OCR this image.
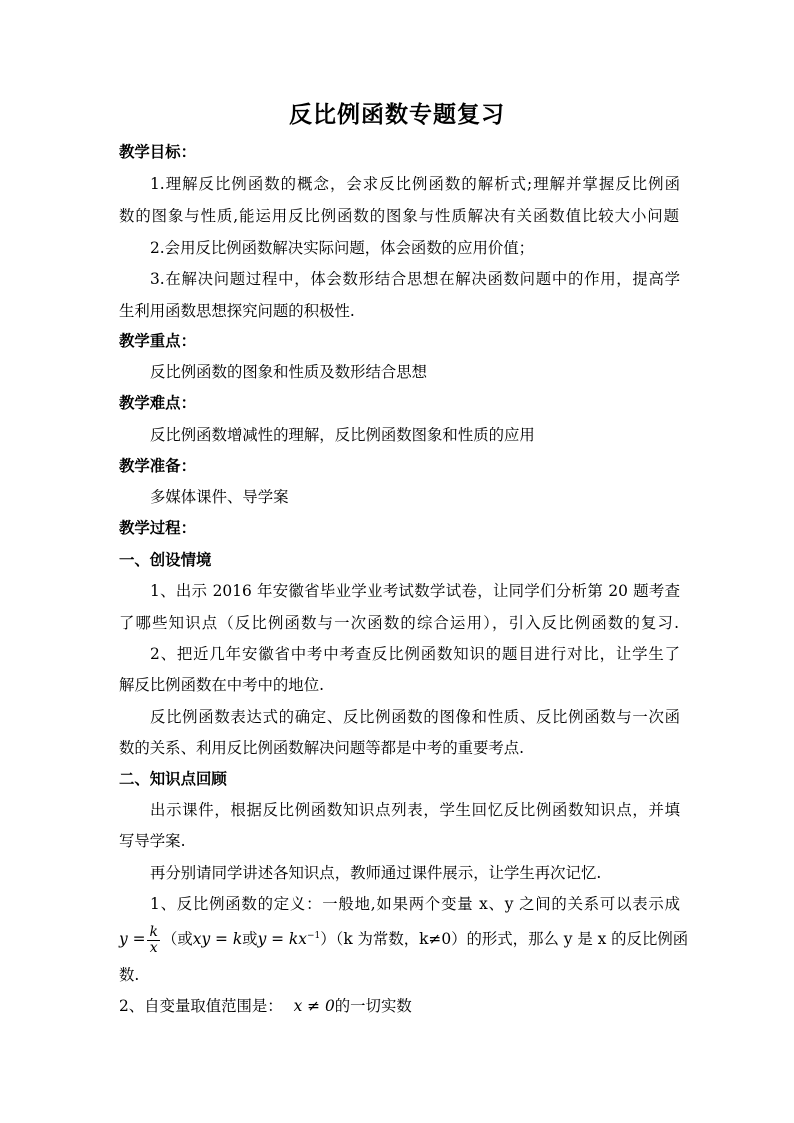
反比例函数专题复习
教学目标：
1.理解反比例函数的概念，会求反比例函数的解析式;理解并掌握反比例函
数的图象与性质,能运用反比例函数的图象与性质解决有关函数值比较大小问题
2.会用反比例函数解决实际问题，体会函数的应用价值；
3.在解决问题过程中，体会数形结合思想在解决函数问题中的作用，提高学
生利用函数思想探究问题的积极性.
教学重点：
反比例函数的图象和性质及数形结合思想
教学难点：
反比例函数增减性的理解，反比例函数图象和性质的应用
教学准备：
多媒体课件、导学案
教学过程：
一、创设情境
1、出示 2016 年安徽省毕业学业考试数学试卷，让同学们分析第 20 题考查
了哪些知识点（反比例函数与一次函数的综合运用），引入反比例函数的复习.
2、把近几年安徽省中考中考查反比例函数知识的题目进行对比，让学生了
解反比例函数在中考中的地位.
反比例函数表达式的确定、反比例函数的图像和性质、反比例函数与一次函
数的关系、利用反比例函数解决问题等都是中考的重要考点.
二、知识点回顾
出示课件，根据反比例函数知识点列表，学生回忆反比例函数知识点，并填
写导学案.
再分别请同学讲述各知识点，教师通过课件展示，让学生再次记忆.
1、反比例函数的定义：一般地,如果两个变量 x、y 之间的关系可以表示成
$y = \frac{k}{x}$ （或xy = k或$y = kx^{-1})(k$ 为常数，k≠0）的形式，那么 y 是 x 的反比例函
数.
2、自变量取值范围是： x ≠ 0的一切实数
